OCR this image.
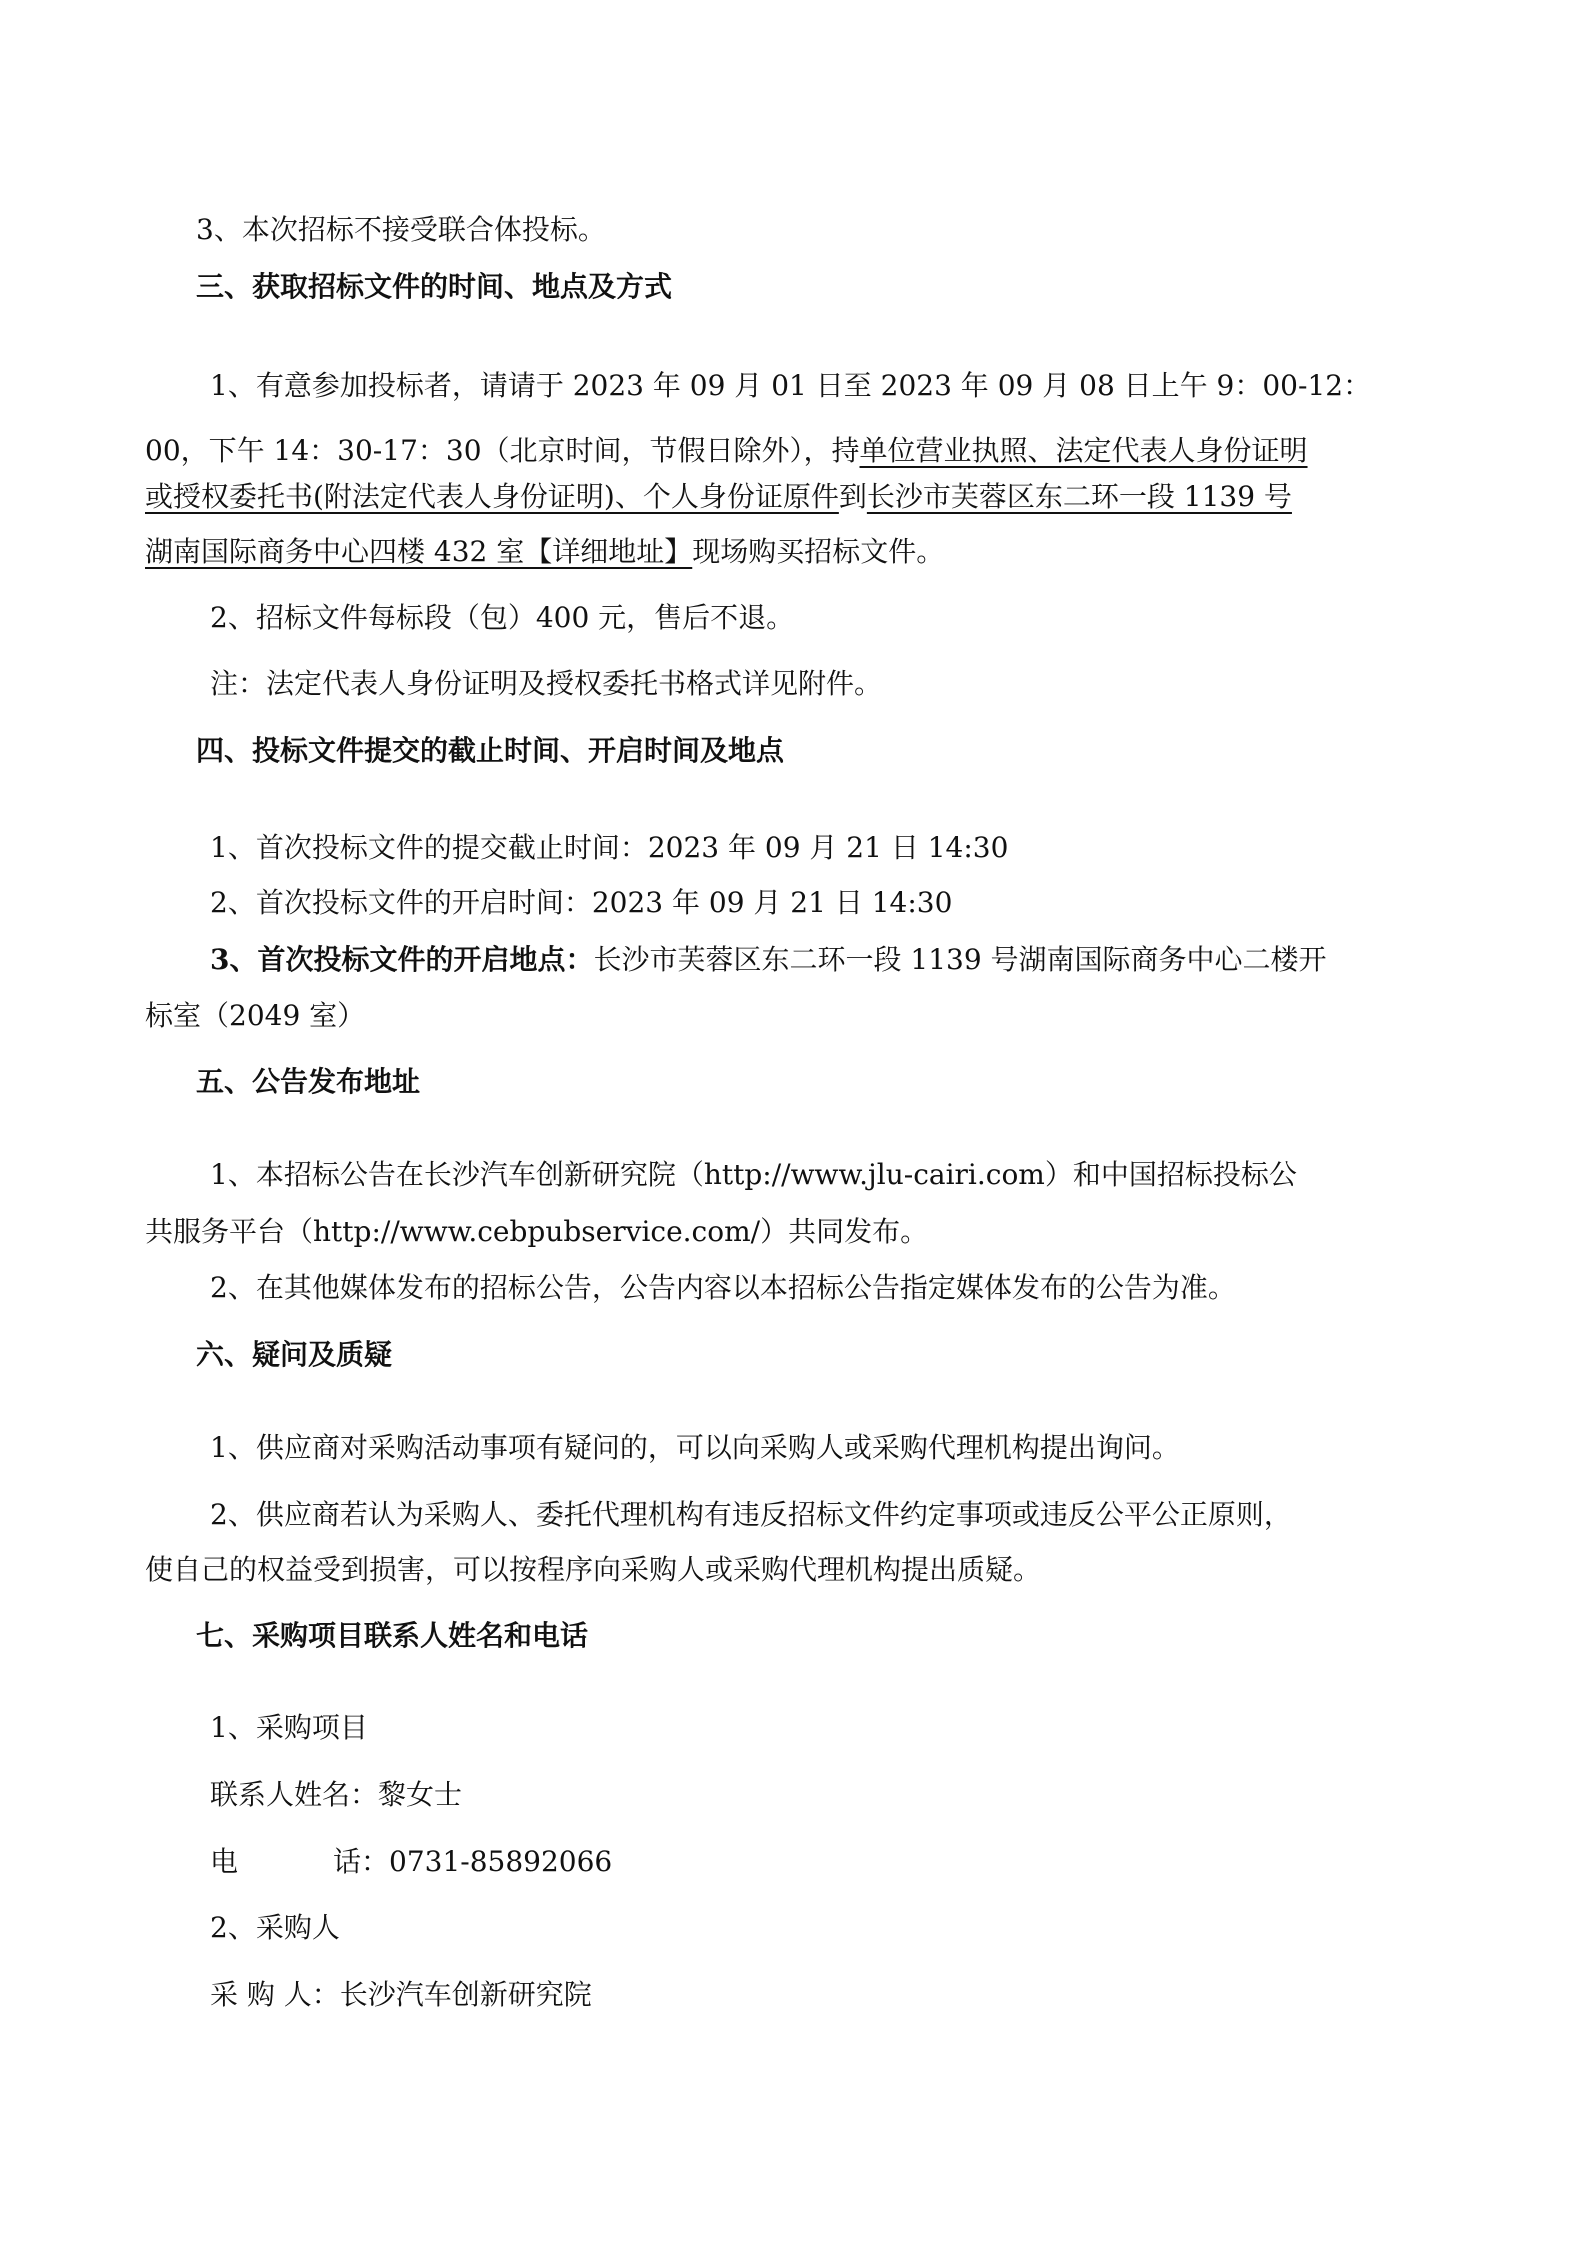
3、本次招标不接受联合体投标。
三、获取招标文件的时间、地点及方式
1、有意参加投标者，请请于 2023 年 09 月 01 日至 2023 年 09 月 08 日上午 9：00-12：
00，下午 14：30-17：30（北京时间，节假日除外），持单位营业执照、法定代表人身份证明
或授权委托书(附法定代表人身份证明)、个人身份证原件到长沙市芙蓉区东二环一段 1139 号
湖南国际商务中心四楼 432 室【详细地址】现场购买招标文件。
2、招标文件每标段（包）400 元，售后不退。
注：法定代表人身份证明及授权委托书格式详见附件。
四、投标文件提交的截止时间、开启时间及地点
1、首次投标文件的提交截止时间：2023 年 09 月 21 日 14:30
2、首次投标文件的开启时间：2023 年 09 月 21 日 14:30
3、首次投标文件的开启地点：长沙市芙蓉区东二环一段 1139 号湖南国际商务中心二楼开
标室（2049 室）
五、公告发布地址
1、本招标公告在长沙汽车创新研究院（http://www.jlu-cairi.com）和中国招标投标公
共服务平台（http://www.cebpubservice.com/）共同发布。
2、在其他媒体发布的招标公告，公告内容以本招标公告指定媒体发布的公告为准。
六、疑问及质疑
1、供应商对采购活动事项有疑问的，可以向采购人或采购代理机构提出询问。
2、供应商若认为采购人、委托代理机构有违反招标文件约定事项或违反公平公正原则，
使自己的权益受到损害，可以按程序向采购人或采购代理机构提出质疑。
七、采购项目联系人姓名和电话
1、采购项目
联系人姓名：黎女士
电	话：0731-85892066
2、采购人
采 购 人：长沙汽车创新研究院
